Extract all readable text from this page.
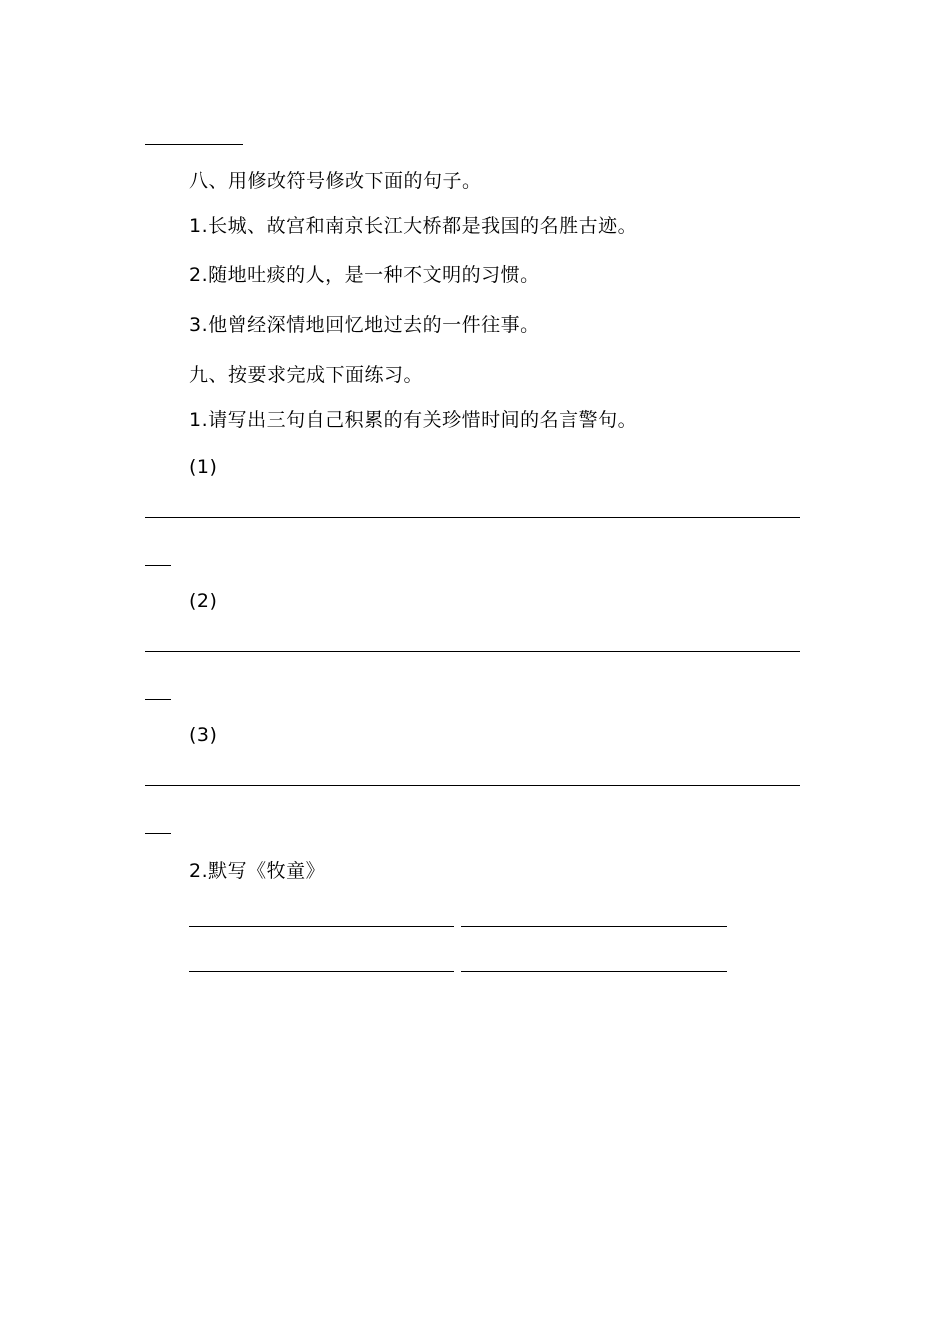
八、用修改符号修改下面的句子。
1.长城、故宫和南京长江大桥都是我国的名胜古迹。
2.随地吐痰的人，是一种不文明的习惯。
3.他曾经深情地回忆地过去的一件往事。
九、按要求完成下面练习。
1.请写出三句自己积累的有关珍惜时间的名言警句。
(1)
(2)
(3)
2.默写《牧童》
